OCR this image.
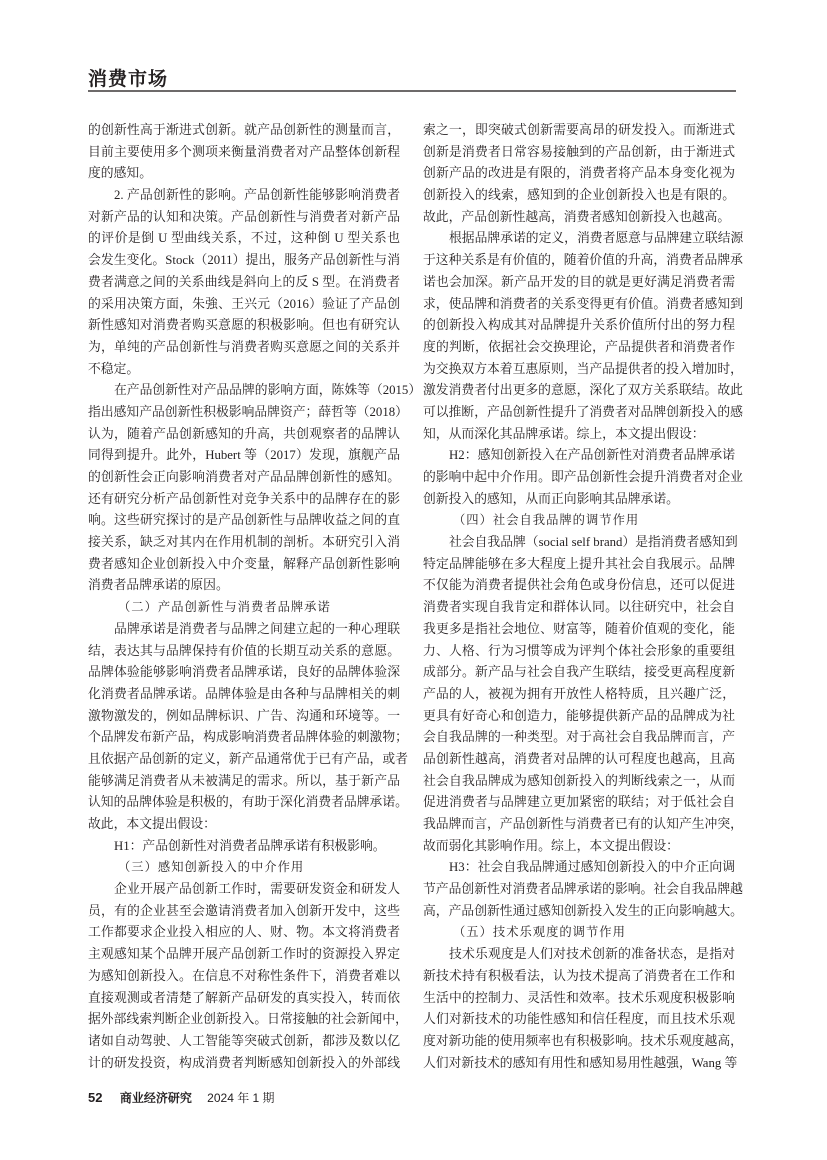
消费市场
的创新性高于渐进式创新。就产品创新性的测量而言，
目前主要使用多个测项来衡量消费者对产品整体创新程
度的感知。
2. 产品创新性的影响。产品创新性能够影响消费者
对新产品的认知和决策。产品创新性与消费者对新产品
的评价是倒 U 型曲线关系，不过，这种倒 U 型关系也
会发生变化。Stock（2011）提出，服务产品创新性与消
费者满意之间的关系曲线是斜向上的反 S 型。在消费者
的采用决策方面，朱強、王兴元（2016）验证了产品创
新性感知对消费者购买意愿的积极影响。但也有研究认
为，单纯的产品创新性与消费者购买意愿之间的关系并
不稳定。
在产品创新性对产品品牌的影响方面，陈姝等（2015）
指出感知产品创新性积极影响品牌资产；薛哲等（2018）
认为，随着产品创新感知的升高，共创观察者的品牌认
同得到提升。此外，Hubert 等（2017）发现，旗舰产品
的创新性会正向影响消费者对产品品牌创新性的感知。
还有研究分析产品创新性对竞争关系中的品牌存在的影
响。这些研究探讨的是产品创新性与品牌收益之间的直
接关系，缺乏对其内在作用机制的剖析。本研究引入消
费者感知企业创新投入中介变量，解释产品创新性影响
消费者品牌承诺的原因。
（二）产品创新性与消费者品牌承诺
品牌承诺是消费者与品牌之间建立起的一种心理联
结，表达其与品牌保持有价值的长期互动关系的意愿。
品牌体验能够影响消费者品牌承诺，良好的品牌体验深
化消费者品牌承诺。品牌体验是由各种与品牌相关的刺
激物激发的，例如品牌标识、广告、沟通和环境等。一
个品牌发布新产品，构成影响消费者品牌体验的刺激物；
且依据产品创新的定义，新产品通常优于已有产品，或者
能够满足消费者从未被满足的需求。所以，基于新产品
认知的品牌体验是积极的，有助于深化消费者品牌承诺。
故此，本文提出假设：
H1：产品创新性对消费者品牌承诺有积极影响。
（三）感知创新投入的中介作用
企业开展产品创新工作时，需要研发资金和研发人
员，有的企业甚至会邀请消费者加入创新开发中，这些
工作都要求企业投入相应的人、财、物。本文将消费者
主观感知某个品牌开展产品创新工作时的资源投入界定
为感知创新投入。在信息不对称性条件下，消费者难以
直接观测或者清楚了解新产品研发的真实投入，转而依
据外部线索判断企业创新投入。日常接触的社会新闻中，
诸如自动驾驶、人工智能等突破式创新，都涉及数以亿
计的研发投资，构成消费者判断感知创新投入的外部线
索之一，即突破式创新需要高昂的研发投入。而渐进式
创新是消费者日常容易接触到的产品创新，由于渐进式
创新产品的改进是有限的，消费者将产品本身变化视为
创新投入的线索，感知到的企业创新投入也是有限的。
故此，产品创新性越高，消费者感知创新投入也越高。
根据品牌承诺的定义，消费者愿意与品牌建立联结源
于这种关系是有价值的，随着价值的升高，消费者品牌承
诺也会加深。新产品开发的目的就是更好满足消费者需
求，使品牌和消费者的关系变得更有价值。消费者感知到
的创新投入构成其对品牌提升关系价值所付出的努力程
度的判断，依据社会交换理论，产品提供者和消费者作
为交换双方本着互惠原则，当产品提供者的投入增加时，
激发消费者付出更多的意愿，深化了双方关系联结。故此
可以推断，产品创新性提升了消费者对品牌创新投入的感
知，从而深化其品牌承诺。综上，本文提出假设：
H2：感知创新投入在产品创新性对消费者品牌承诺
的影响中起中介作用。即产品创新性会提升消费者对企业
创新投入的感知，从而正向影响其品牌承诺。
（四）社会自我品牌的调节作用
社会自我品牌（social self brand）是指消费者感知到
特定品牌能够在多大程度上提升其社会自我展示。品牌
不仅能为消费者提供社会角色或身份信息，还可以促进
消费者实现自我肯定和群体认同。以往研究中，社会自
我更多是指社会地位、财富等，随着价值观的变化，能
力、人格、行为习惯等成为评判个体社会形象的重要组
成部分。新产品与社会自我产生联结，接受更高程度新
产品的人，被视为拥有开放性人格特质，且兴趣广泛，
更具有好奇心和创造力，能够提供新产品的品牌成为社
会自我品牌的一种类型。对于高社会自我品牌而言，产
品创新性越高，消费者对品牌的认可程度也越高，且高
社会自我品牌成为感知创新投入的判断线索之一，从而
促进消费者与品牌建立更加紧密的联结；对于低社会自
我品牌而言，产品创新性与消费者已有的认知产生冲突，
故而弱化其影响作用。综上，本文提出假设：
H3：社会自我品牌通过感知创新投入的中介正向调
节产品创新性对消费者品牌承诺的影响。社会自我品牌越
高，产品创新性通过感知创新投入发生的正向影响越大。
（五）技术乐观度的调节作用
技术乐观度是人们对技术创新的准备状态，是指对
新技术持有积极看法，认为技术提高了消费者在工作和
生活中的控制力、灵活性和效率。技术乐观度积极影响
人们对新技术的功能性感知和信任程度，而且技术乐观
度对新功能的使用频率也有积极影响。技术乐观度越高，
人们对新技术的感知有用性和感知易用性越强，Wang 等
52 商业经济研究 2024 年 1 期
